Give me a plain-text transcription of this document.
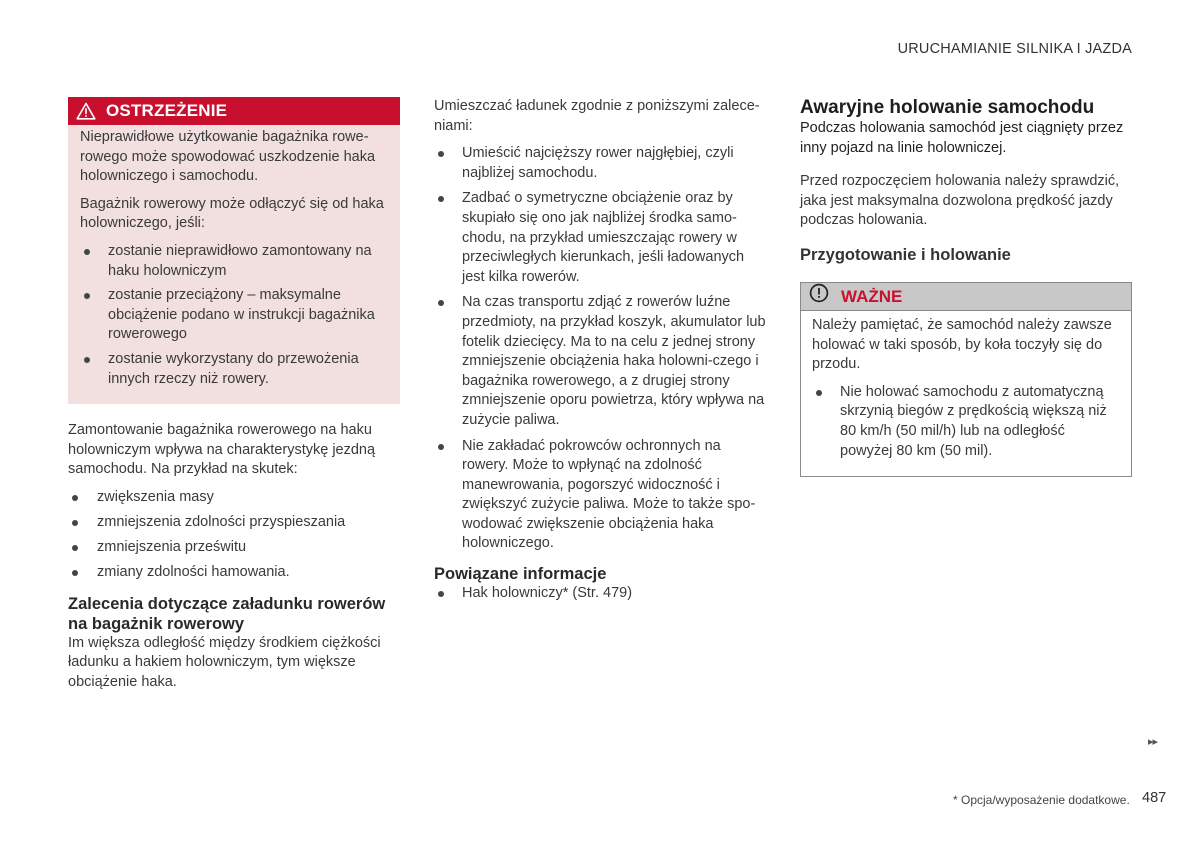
URUCHAMIANIE SILNIKA I JAZDA
OSTRZEŻENIE

Nieprawidłowe użytkowanie bagażnika rowe-rowego może spowodować uszkodzenie haka holowniczego i samochodu.

Bagażnik rowerowy może odłączyć się od haka holowniczego, jeśli:

zostanie nieprawidłowo zamontowany na haku holowniczym
zostanie przeciążony – maksymalne obciążenie podano w instrukcji bagażnika rowerowego
zostanie wykorzystany do przewożenia innych rzeczy niż rowery.

Zamontowanie bagażnika rowerowego na haku holowniczym wpływa na charakterystykę jezdną samochodu. Na przykład na skutek:

zwiększenia masy
zmniejszenia zdolności przyspieszania
zmniejszenia prześwitu
zmiany zdolności hamowania.
Zalecenia dotyczące załadunku rowerów na bagażnik rowerowy

Im większa odległość między środkiem ciężkości ładunku a hakiem holowniczym, tym większe obciążenie haka.

Umieszczać ładunek zgodnie z poniższymi zalece-niami:

Umieścić najcięższy rower najgłębiej, czyli najbliżej samochodu.
Zadbać o symetryczne obciążenie oraz by skupiało się ono jak najbliżej środka samo-chodu, na przykład umieszczając rowery w przeciwległych kierunkach, jeśli ładowanych jest kilka rowerów.
Na czas transportu zdjąć z rowerów luźne przedmioty, na przykład koszyk, akumulator lub fotelik dziecięcy. Ma to na celu z jednej strony zmniejszenie obciążenia haka holowni-czego i bagażnika rowerowego, a z drugiej strony zmniejszenie oporu powietrza, który wpływa na zużycie paliwa.
Nie zakładać pokrowców ochronnych na rowery. Może to wpłynąć na zdolność manewrowania, pogorszyć widoczność i zwiększyć zużycie paliwa. Może to także spo-wodować zwiększenie obciążenia haka holowniczego.
Powiązane informacje
Hak holowniczy* (Str. 479)
Awaryjne holowanie samochodu

Podczas holowania samochód jest ciągnięty przez inny pojazd na linie holowniczej.

Przed rozpoczęciem holowania należy sprawdzić, jaka jest maksymalna dozwolona prędkość jazdy podczas holowania.

Przygotowanie i holowanie
WAŻNE

Należy pamiętać, że samochód należy zawsze holować w taki sposób, by koła toczyły się do przodu.

Nie holować samochodu z automatyczną skrzynią biegów z prędkością większą niż 80 km/h (50 mil/h) lub na odległość powyżej 80 km (50 mil).
▸▸
* Opcja/wyposażenie dodatkowe. 487
